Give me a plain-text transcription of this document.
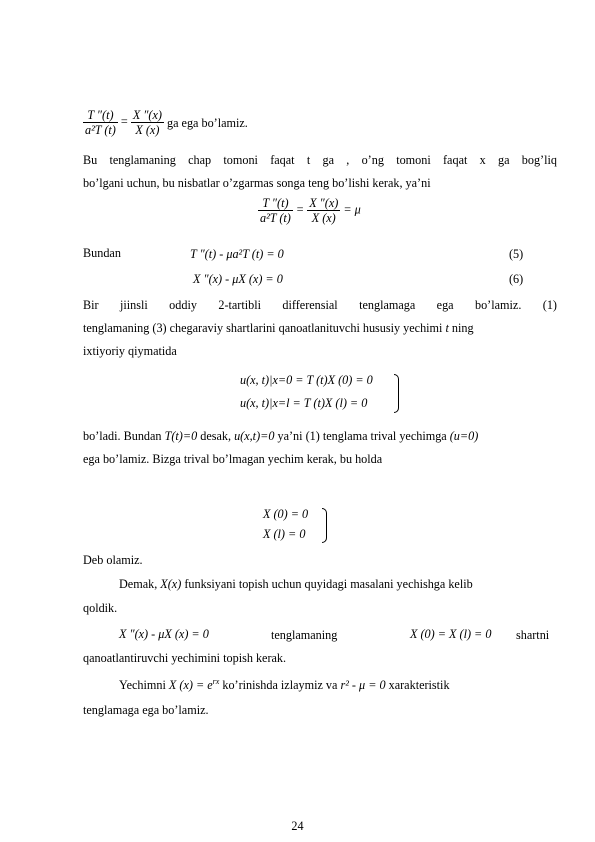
$\frac{T ''(t)}{\text{a²T (t)}} = \frac{X ''(x)}{X (x)}$ ga ega bo’lamiz.
Bu tenglamaning chap tomoni faqat t ga , o’ng tomoni faqat x ga bog’liq
bo’lgani uchun, bu nisbatlar o’zgarmas songa teng bo’lishi kerak, ya’ni
$\frac{T ''(t)}{\text{a²T (t)}} = \frac{X ''(x)}{X (x)} = \mu$
Bundan	T ″(t) - μa²T (t) = 0	(5)
X ″(x) - μX (x) = 0	(6)
Bir jiinsli oddiy 2-tartibli differensial tenglamaga ega bo’lamiz. (1)
tenglamaning (3) chegaraviy shartlarini qanoatlanituvchi hususiy yechimi t ning
ixtiyoriy qiymatida
u(x, t)|x=0 = T (t)X (0) = 0
u(x, t)|x=l = T (t)X (l) = 0
bo’ladi. Bundan T(t)=0 desak, u(x,t)=0 ya’ni (1) tenglama trival yechimga (u=0)
ega bo’lamiz. Bizga trival bo’lmagan yechim kerak, bu holda
X (0) = 0
X (l) = 0
Deb olamiz.
Demak, X(x) funksiyani topish uchun quyidagi masalani yechishga kelib
qoldik.
X ″(x) - μX (x) = 0	tenglamaning	X (0) = X (l) = 0 shartni
qanoatlantiruvchi yechimini topish kerak.
Yechimni X $(x) = e^{rx}$ ko’rinishda izlaymiz va r² - μ = 0 xarakteristik
tenglamaga ega bo’lamiz.
24
